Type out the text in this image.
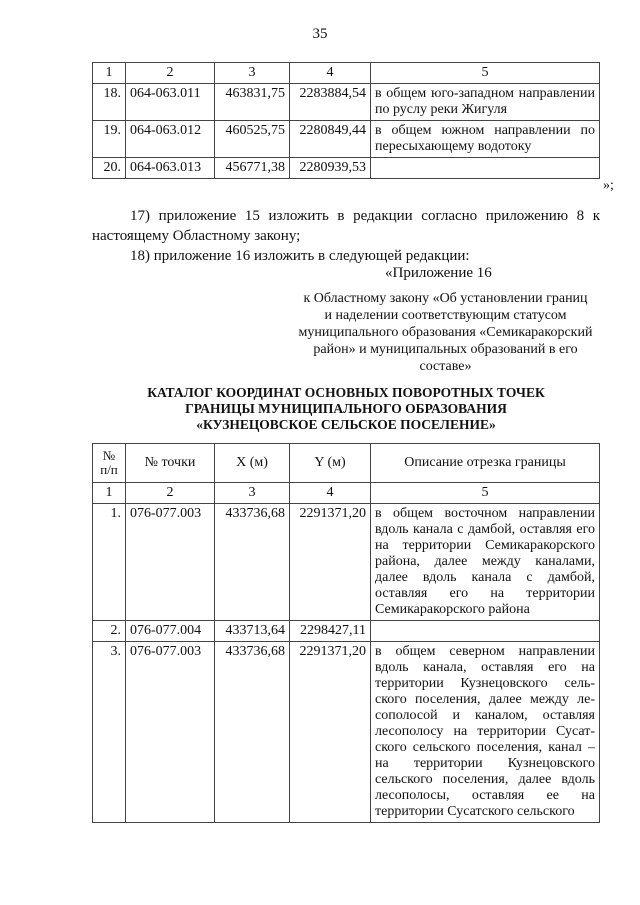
35
1	2	3	4	5
18.	064-063.011	463831,75	2283884,54	в общем юго-западном направлении по руслу реки Жигуля
19.	064-063.012	460525,75	2280849,44	в общем южном направлении по пересыхающему водотоку
20.	064-063.013	456771,38	2280939,53	
»;

17) приложение 15 изложить в редакции согласно приложению 8 к настоящему Областному закону;

18) приложение 16 изложить в следующей редакции:

«Приложение 16
к Областному закону «Об установлении границ и наделении соответствующим статусом муниципального образования «Семикаракорский район» и муниципальных образований в его составе»
КАТАЛОГ КООРДИНАТ ОСНОВНЫХ ПОВОРОТНЫХ ТОЧЕК
ГРАНИЦЫ МУНИЦИПАЛЬНОГО ОБРАЗОВАНИЯ
«КУЗНЕЦОВСКОЕ СЕЛЬСКОЕ ПОСЕЛЕНИЕ»
№ п/п	№ точки	X (м)	Y (м)	Описание отрезка границы
1	2	3	4	5
1.	076-077.003	433736,68	2291371,20	в общем восточном направлении вдоль канала с дамбой, оставляя его на территории Семикаракорского района, далее между каналами, далее вдоль канала с дамбой, оставляя его на территории Семикаракорского района
2.	076-077.004	433713,64	2298427,11	
3.	076-077.003	433736,68	2291371,20	в общем северном направлении вдоль канала, оставляя его на территории Кузнецовского сельского поселения, далее между лесополосой и каналом, оставляя лесополосу на территории Сусатского сельского поселения, канал – на территории Кузнецовского сельского поселения, далее вдоль лесополосы, оставляя ее на территории Сусатского сельского
